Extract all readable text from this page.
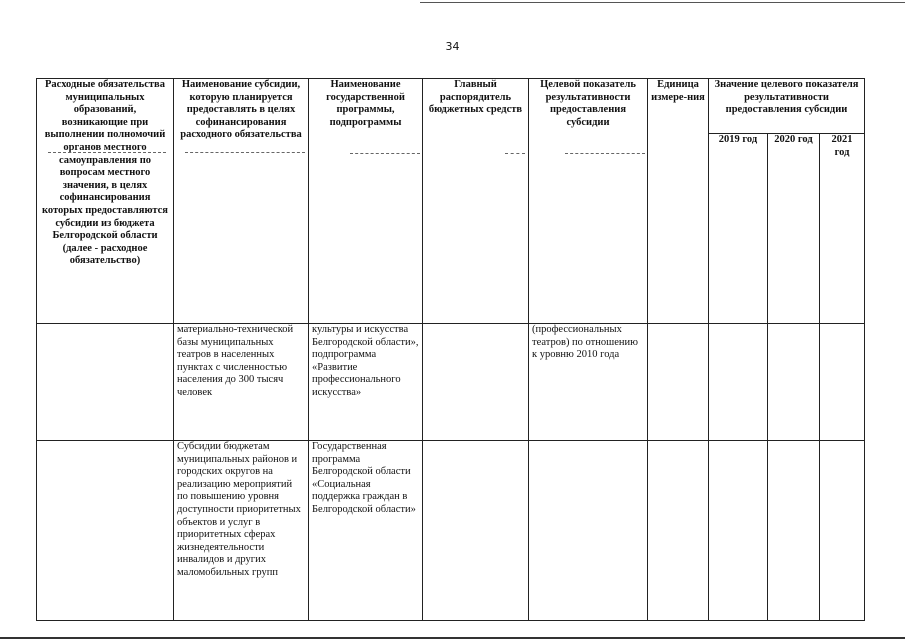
34
Расходные обязательства муниципальных образований, возникающие при выполнении полномочий органов местного самоуправления по вопросам местного значения, в целях софинансирования которых предоставляются субсидии из бюджета Белгородской области (далее - расходное обязательство)	Наименование субсидии, которую планируется предоставлять в целях софинансирования расходного обязательства	Наименование государственной программы, подпрограммы	Главный распорядитель бюджетных средств	Целевой показатель результативности предоставления субсидии	Единица измере-ния	Значение целевого показателя результативности предоставления субсидии		
						2019 год	2020 год	2021 год
	материально-технической базы муниципальных театров в населенных пунктах с численностью населения до 300 тысяч человек	культуры и искусства Белгородской области», подпрограмма «Развитие профессионального искусства»		(профессиональных театров) по отношению к уровню 2010 года				
	Субсидии бюджетам муниципальных районов и городских округов на реализацию мероприятий по повышению уровня доступности приоритетных объектов и услуг в приоритетных сферах жизнедеятельности инвалидов и других маломобильных групп	Государственная программа Белгородской области «Социальная поддержка граждан в Белгородской области»						
